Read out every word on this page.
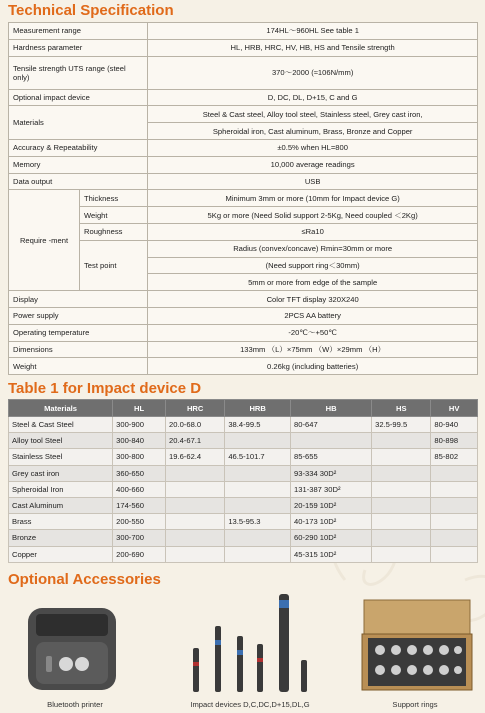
Technical Specification
Measurement range		174HL～960HL See table 1
Hardness parameter		HL, HRB, HRC, HV, HB, HS and Tensile strength
Tensile strength UTS range (steel only)		370～2000 (≈106N/mm)
Optional impact device		D, DC, DL, D+15, C and G
Materials		Steel & Cast steel, Alloy tool steel, Stainless steel, Grey cast iron,
		Spheroidal iron, Cast aluminum, Brass, Bronze and Copper
Accuracy & Repeatability		±0.5% when HL=800
Memory		10,000 average readings
Data output		USB
Require -ment	Thickness	Minimum 3mm or more (10mm for Impact device G)
	Weight	5Kg or more (Need Solid support 2-5Kg, Need coupled ＜2Kg)
	Roughness	≤Ra10
	Test point	Radius (convex/concave) Rmin=30mm or more
		(Need support ring＜30mm)
		5mm or more from edge of the sample
Display		Color TFT display 320X240
Power supply		2PCS AA battery
Operating temperature		-20℃～+50℃
Dimensions		133mm （L）×75mm （W）×29mm （H）
Weight		0.26kg (including batteries)
Table 1 for Impact device D
Materials	HL	HRC	HRB	HB	HS	HV
Steel & Cast Steel	300-900	20.0-68.0	38.4-99.5	80-647	32.5-99.5	80-940
Alloy tool Steel	300-840	20.4-67.1				80-898
Stainless Steel	300-800	19.6-62.4	46.5-101.7	85-655		85-802
Grey cast iron	360-650			93-334 30D²		
Spheroidal Iron	400-660			131-387 30D²		
Cast Aluminum	174-560			20-159 10D²		
Brass	200-550		13.5-95.3	40-173 10D²		
Bronze	300-700			60-290 10D²		
Copper	200-690			45-315 10D²		
Optional Accessories
Bluetooth printer	Impact devices D,C,DC,D+15,DL,G	Support rings
